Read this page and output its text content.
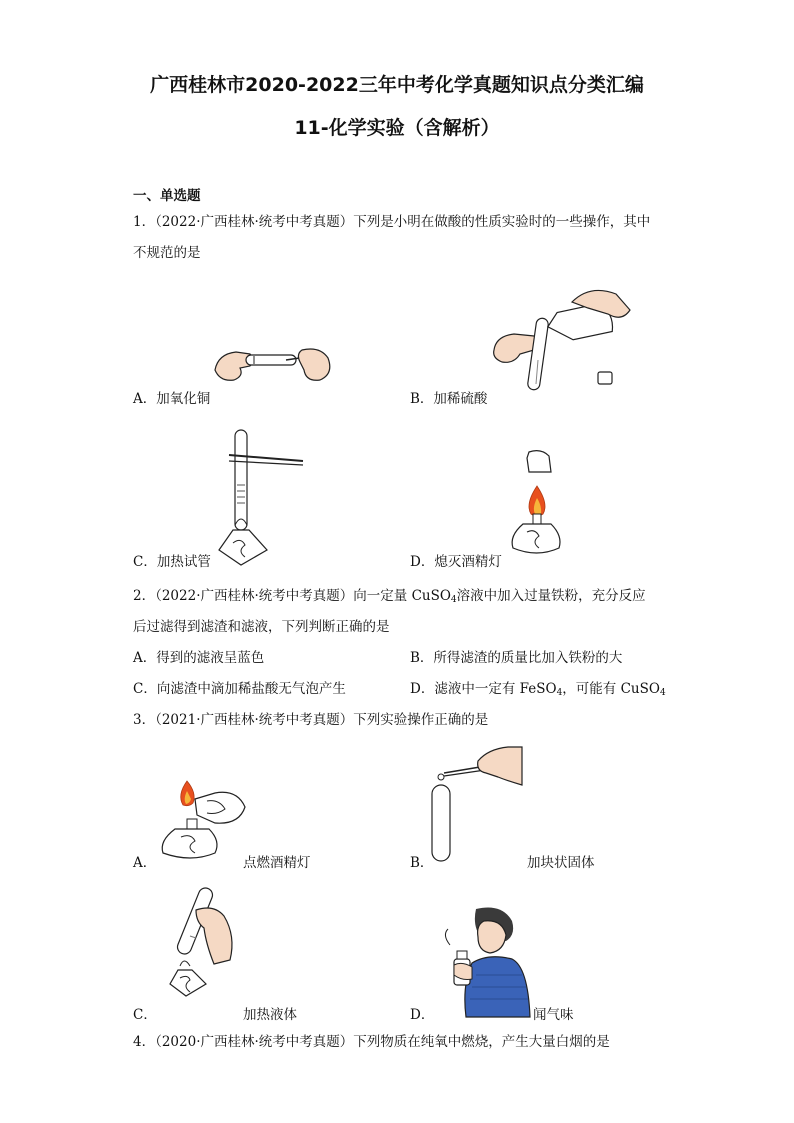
广西桂林市2020-2022三年中考化学真题知识点分类汇编
11-化学实验（含解析）
一、单选题
1．（2022·广西桂林·统考中考真题）下列是小明在做酸的性质实验时的一些操作，其中
不规范的是
A．加氧化铜	B．加稀硫酸
C．加热试管	D．熄灭酒精灯
2．（2022·广西桂林·统考中考真题）向一定量 CuSO$_4$溶液中加入过量铁粉，充分反应
后过滤得到滤渣和滤液，下列判断正确的是
A．得到的滤液呈蓝色	B．所得滤渣的质量比加入铁粉的大
C．向滤渣中滴加稀盐酸无气泡产生	D．滤液中一定有 FeSO$_4$，可能有 CuSO$_4$
3．（2021·广西桂林·统考中考真题）下列实验操作正确的是
A．	点燃酒精灯	B．	加块状固体
C．	加热液体	D．	闻气味
4．（2020·广西桂林·统考中考真题）下列物质在纯氧中燃烧，产生大量白烟的是
